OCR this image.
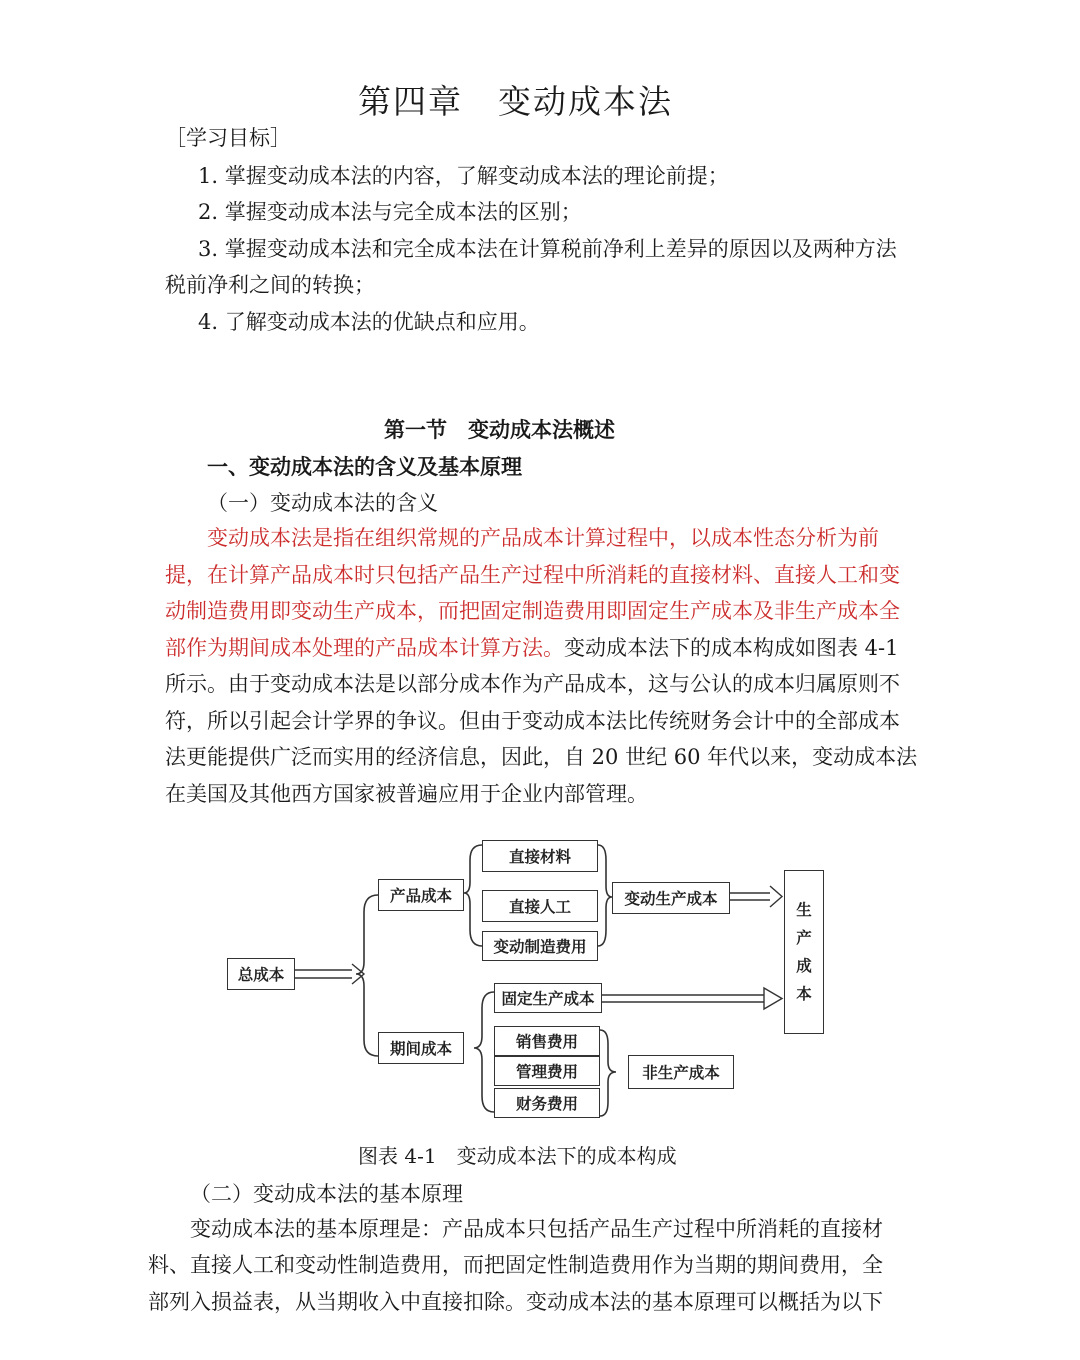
第四章　变动成本法
［学习目标］
1. 掌握变动成本法的内容，了解变动成本法的理论前提；
2. 掌握变动成本法与完全成本法的区别；
3. 掌握变动成本法和完全成本法在计算税前净利上差异的原因以及两种方法
税前净利之间的转换；
4. 了解变动成本法的优缺点和应用。
第一节　变动成本法概述
一、变动成本法的含义及基本原理
（一）变动成本法的含义
变动成本法是指在组织常规的产品成本计算过程中，以成本性态分析为前
提，在计算产品成本时只包括产品生产过程中所消耗的直接材料、直接人工和变
动制造费用即变动生产成本，而把固定制造费用即固定生产成本及非生产成本全
部作为期间成本处理的产品成本计算方法。变动成本法下的成本构成如图表 4-1
所示。由于变动成本法是以部分成本作为产品成本，这与公认的成本归属原则不
符，所以引起会计学界的争议。但由于变动成本法比传统财务会计中的全部成本
法更能提供广泛而实用的经济信息，因此，自 20 世纪 60 年代以来，变动成本法
在美国及其他西方国家被普遍应用于企业内部管理。
总成本
产品成本
期间成本
直接材料
直接人工
变动制造费用
变动生产成本
固定生产成本
销售费用
管理费用
财务费用
非生产成本
生
产
成
本
图表 4-1　变动成本法下的成本构成
（二）变动成本法的基本原理
变动成本法的基本原理是：产品成本只包括产品生产过程中所消耗的直接材
料、直接人工和变动性制造费用，而把固定性制造费用作为当期的期间费用，全
部列入损益表，从当期收入中直接扣除。变动成本法的基本原理可以概括为以下
